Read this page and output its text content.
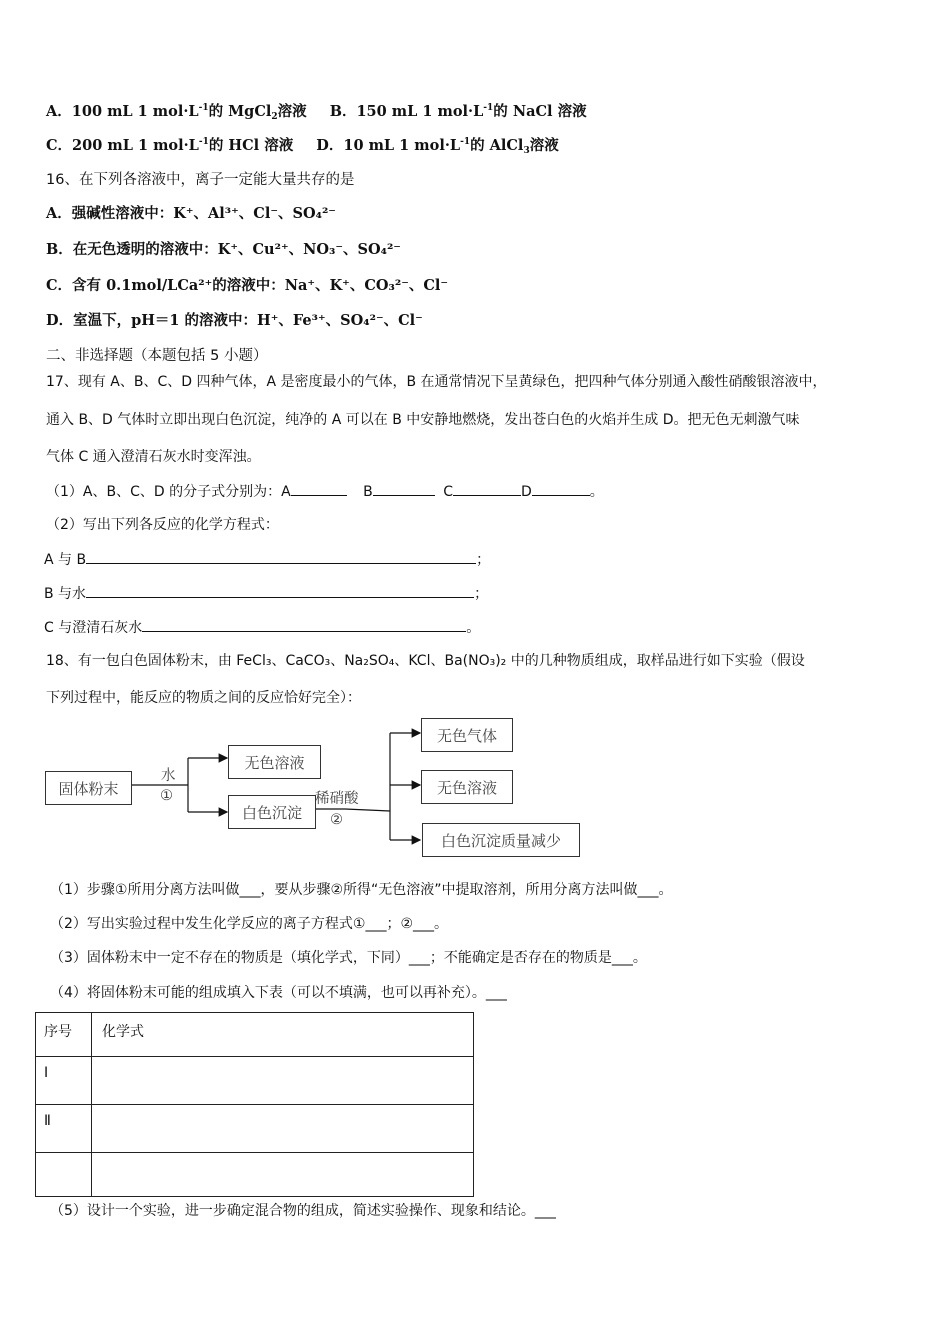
A．100 mL 1 $mol\cdot L^{-1}$的 MgCl$_2$溶液 B．150 mL 1 $mol\cdot L^{-1}$的 NaCl 溶液
C．200 mL 1 $mol\cdot L^{-1}$的 HCl 溶液 D．10 mL 1 $mol\cdot L^{-1}$的 AlCl$_3$溶液
16、在下列各溶液中，离子一定能大量共存的是
A．强碱性溶液中：K⁺、Al³⁺、Cl⁻、SO₄²⁻
B．在无色透明的溶液中：K⁺、Cu²⁺、NO₃⁻、SO₄²⁻
C．含有 0.1mol/LCa²⁺的溶液中：Na⁺、K⁺、CO₃²⁻、Cl⁻
D．室温下，pH＝1 的溶液中：H⁺、Fe³⁺、SO₄²⁻、Cl⁻
二、非选择题（本题包括 5 小题）
17、现有 A、B、C、D 四种气体，A 是密度最小的气体，B 在通常情况下呈黄绿色，把四种气体分别通入酸性硝酸银溶液中，
通入 B、D 气体时立即出现白色沉淀，纯净的 A 可以在 B 中安静地燃烧，发出苍白色的火焰并生成 D。把无色无刺激气味
气体 C 通入澄清石灰水时变浑浊。
（1）A、B、C、D 的分子式分别为：A	B	C	D	。
（2）写出下列各反应的化学方程式：
A 与 B	；
B 与水	；
C 与澄清石灰水	。
18、有一包白色固体粉末，由 FeCl₃、CaCO₃、Na₂SO₄、KCl、Ba(NO₃)₂ 中的几种物质组成，取样品进行如下实验（假设
下列过程中，能反应的物质之间的反应恰好完全）：
固体粉末
水
①
无色溶液
白色沉淀
稀硝酸
②
无色气体
无色溶液
白色沉淀质量减少
（1）步骤①所用分离方法叫做___，要从步骤②所得“无色溶液”中提取溶剂，所用分离方法叫做___。
（2）写出实验过程中发生化学反应的离子方程式①___；②___。
（3）固体粉末中一定不存在的物质是（填化学式，下同）___；不能确定是否存在的物质是___。
（4）将固体粉末可能的组成填入下表（可以不填满，也可以再补充）。___
序号	化学式
Ⅰ	
Ⅱ	

（5）设计一个实验，进一步确定混合物的组成，简述实验操作、现象和结论。___
